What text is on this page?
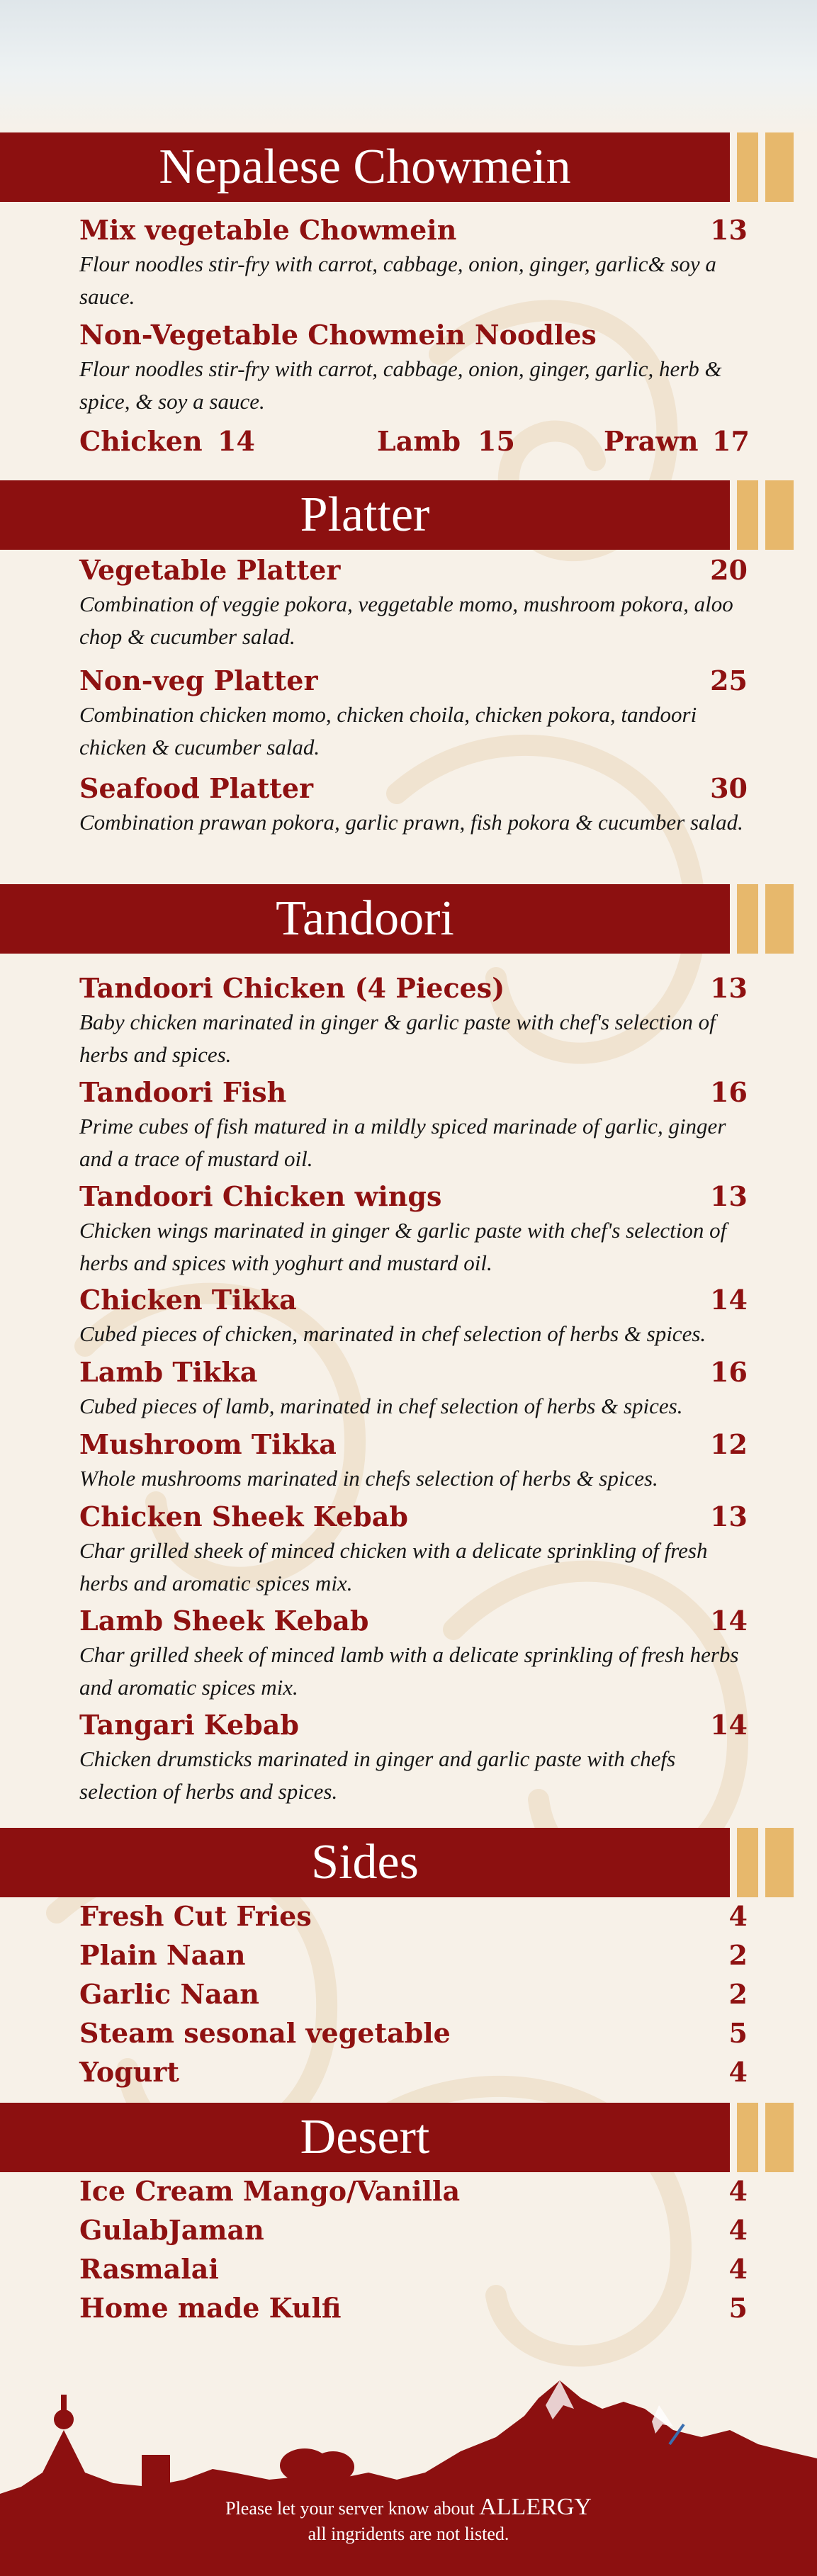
Nepalese Chowmein
Mix vegetable Chowmein	13
Flour noodles stir-fry with carrot, cabbage, onion, ginger, garlic& soy a sauce.
Non-Vegetable Chowmein Noodles
Flour noodles stir-fry with carrot, cabbage, onion, ginger, garlic, herb & spice, & soy a sauce.
Chicken 14	Lamb 15	Prawn 17
Platter
Vegetable Platter	20
Combination of veggie pokora, veggetable momo, mushroom pokora, aloo chop & cucumber salad.
Non-veg Platter	25
Combination chicken momo, chicken choila, chicken pokora, tandoori chicken & cucumber salad.
Seafood Platter	30
Combination prawan pokora, garlic prawn, fish pokora & cucumber salad.
Tandoori
Tandoori Chicken (4 Pieces)	13
Baby chicken marinated in ginger & garlic paste with chef's selection of herbs and spices.
Tandoori Fish	16
Prime cubes of fish matured in a mildly spiced marinade of garlic, ginger and a trace of mustard oil.
Tandoori Chicken wings	13
Chicken wings marinated in ginger & garlic paste with chef's selection of herbs and spices with yoghurt and mustard oil.
Chicken Tikka	14
Cubed pieces of chicken, marinated in chef selection of herbs & spices.
Lamb Tikka	16
Cubed pieces of lamb, marinated in chef selection of herbs & spices.
Mushroom Tikka	12
Whole mushrooms marinated in chefs selection of herbs & spices.
Chicken Sheek Kebab	13
Char grilled sheek of minced chicken with a delicate sprinkling of fresh herbs and aromatic spices mix.
Lamb Sheek Kebab	14
Char grilled sheek of minced lamb with a delicate sprinkling of fresh herbs and aromatic spices mix.
Tangari Kebab	14
Chicken drumsticks marinated in ginger and garlic paste with chefs selection of herbs and spices.
Sides
Fresh Cut Fries	4
Plain Naan	2
Garlic Naan	2
Steam sesonal vegetable	5
Yogurt	4
Desert
Ice Cream Mango/Vanilla	4
GulabJaman	4
Rasmalai	4
Home made Kulfi	5
Please let your server know about ALLERGY
all ingridents are not listed.
